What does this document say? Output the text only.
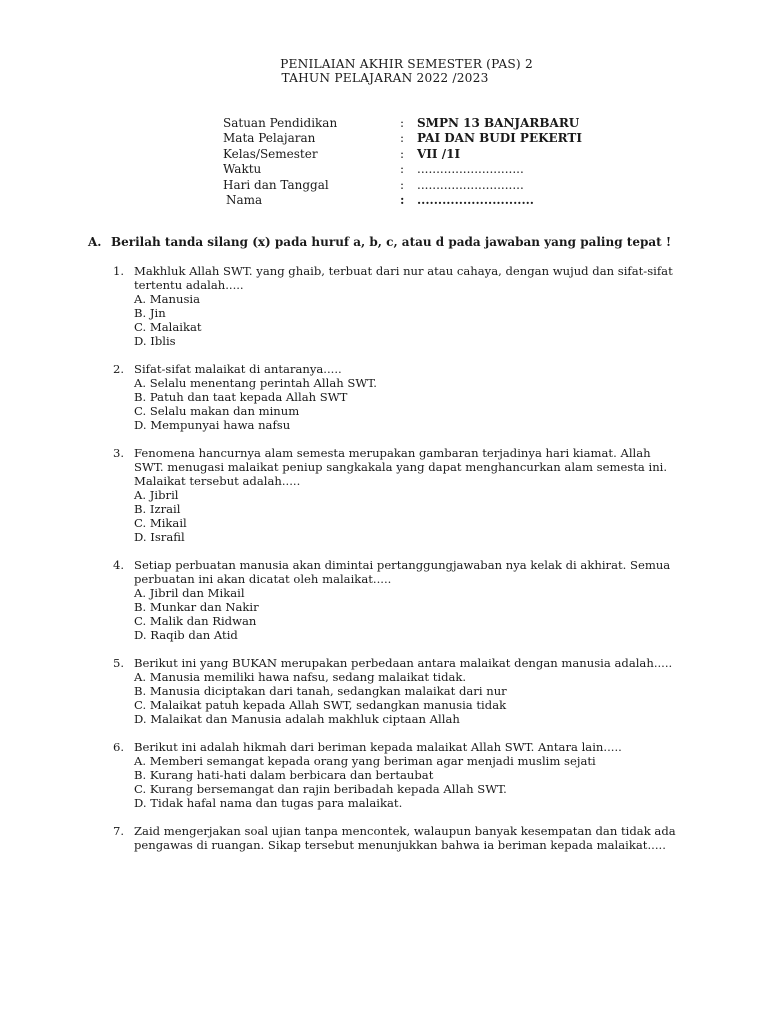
PENILAIAN AKHIR SEMESTER (PAS) 2
TAHUN PELAJARAN 2022 /2023
Satuan Pendidikan	: SMPN 13 BANJARBARU
Mata Pelajaran	: PAI DAN BUDI PEKERTI
Kelas/Semester	: VII /1I
Waktu	: ............................
Hari dan Tanggal	: ............................
Nama	: ............................
A. Berilah tanda silang (x) pada huruf a, b, c, atau d pada jawaban yang paling tepat !
1. Makhluk Allah SWT. yang ghaib, terbuat dari nur atau cahaya, dengan wujud dan sifat-sifat
tertentu adalah.....
A. Manusia
B. Jin
C. Malaikat
D. Iblis
2. Sifat-sifat malaikat di antaranya.....
A. Selalu menentang perintah Allah SWT.
B. Patuh dan taat kepada Allah SWT
C. Selalu makan dan minum
D. Mempunyai hawa nafsu
3. Fenomena hancurnya alam semesta merupakan gambaran terjadinya hari kiamat. Allah
SWT. menugasi malaikat peniup sangkakala yang dapat menghancurkan alam semesta ini.
Malaikat tersebut adalah.....
A. Jibril
B. Izrail
C. Mikail
D. Israfil
4. Setiap perbuatan manusia akan dimintai pertanggungjawaban nya kelak di akhirat. Semua
perbuatan ini akan dicatat oleh malaikat.....
A. Jibril dan Mikail
B. Munkar dan Nakir
C. Malik dan Ridwan
D. Raqib dan Atid
5. Berikut ini yang BUKAN merupakan perbedaan antara malaikat dengan manusia adalah.....
A. Manusia memiliki hawa nafsu, sedang malaikat tidak.
B. Manusia diciptakan dari tanah, sedangkan malaikat dari nur
C. Malaikat patuh kepada Allah SWT, sedangkan manusia tidak
D. Malaikat dan Manusia adalah makhluk ciptaan Allah
6. Berikut ini adalah hikmah dari beriman kepada malaikat Allah SWT. Antara lain.....
A. Memberi semangat kepada orang yang beriman agar menjadi muslim sejati
B. Kurang hati-hati dalam berbicara dan bertaubat
C. Kurang bersemangat dan rajin beribadah kepada Allah SWT.
D. Tidak hafal nama dan tugas para malaikat.
7. Zaid mengerjakan soal ujian tanpa mencontek, walaupun banyak kesempatan dan tidak ada
pengawas di ruangan. Sikap tersebut menunjukkan bahwa ia beriman kepada malaikat.....
